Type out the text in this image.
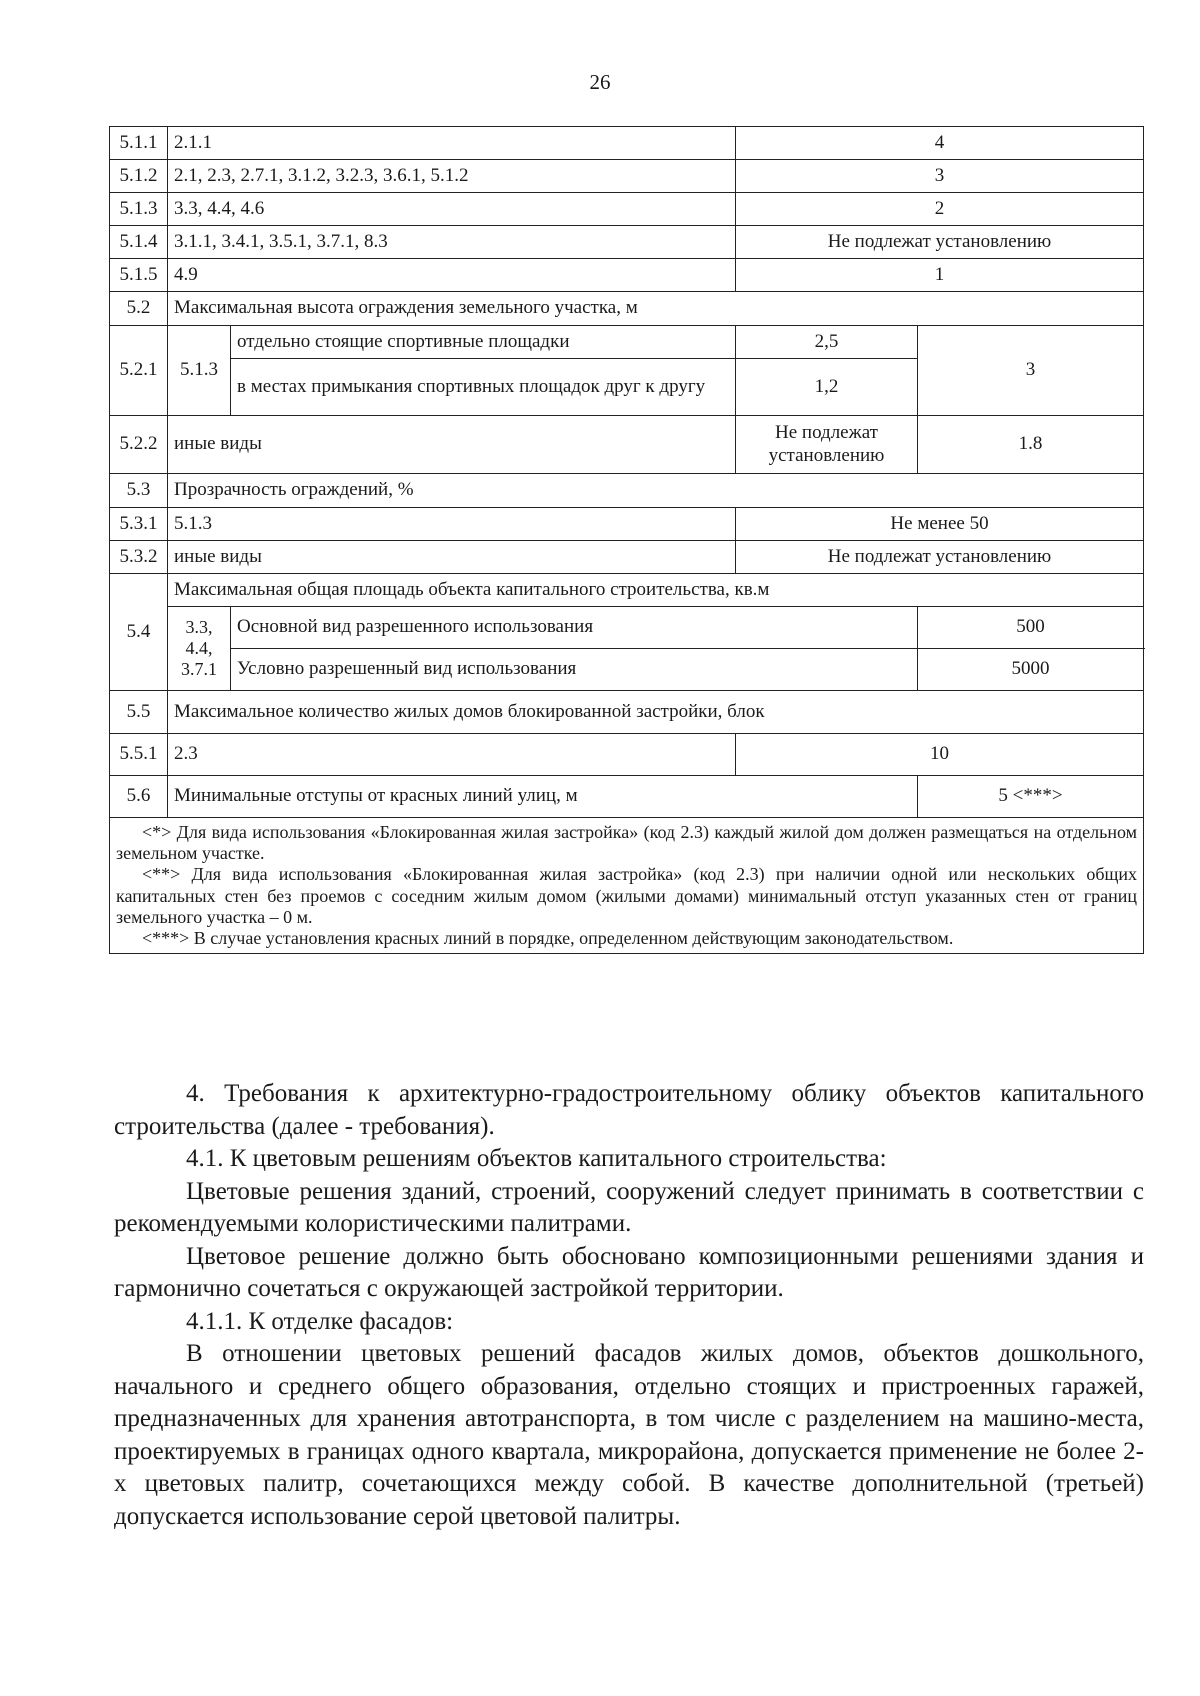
26
5.1.1	2.1.1		4	
5.1.2	2.1, 2.3, 2.7.1, 3.1.2, 3.2.3, 3.6.1, 5.1.2		3	
5.1.3	3.3, 4.4, 4.6		2	
5.1.4	3.1.1, 3.4.1, 3.5.1, 3.7.1, 8.3		Не подлежат установлению	
5.1.5	4.9		1	
5.2	Максимальная высота ограждения земельного участка, м			
5.2.1	5.1.3	отдельно стоящие спортивные площадки	2,5	3
		в местах примыкания спортивных площадок друг к другу	1,2	
5.2.2	иные виды		Не подлежат установлению	1.8
5.3	Прозрачность ограждений, %			
5.3.1	5.1.3		Не менее 50	
5.3.2	иные виды		Не подлежат установлению	
5.4	Максимальная общая площадь объекта капитального строительства, кв.м			
	3.3, 4.4, 3.7.1	Основной вид разрешенного использования		500
		Условно разрешенный вид использования		5000
5.5	Максимальное количество жилых домов блокированной застройки, блок			
5.5.1	2.3		10	
5.6	Минимальные отступы от красных линий улиц, м			5 <***>

<*> Для вида использования «Блокированная жилая застройка» (код 2.3) каждый жилой дом должен размещаться на отдельном земельном участке.

<**> Для вида использования «Блокированная жилая застройка» (код 2.3) при наличии одной или нескольких общих капитальных стен без проемов с соседним жилым домом (жилыми домами) минимальный отступ указанных стен от границ земельного участка – 0 м.

<***> В случае установления красных линий в порядке, определенном действующим законодательством.				

4. Требования к архитектурно-градостроительному облику объектов капитального строительства (далее - требования).

4.1. К цветовым решениям объектов капитального строительства:

Цветовые решения зданий, строений, сооружений следует принимать в соответствии с рекомендуемыми колористическими палитрами.

Цветовое решение должно быть обосновано композиционными решениями здания и гармонично сочетаться с окружающей застройкой территории.

4.1.1. К отделке фасадов:

В отношении цветовых решений фасадов жилых домов, объектов дошкольного, начального и среднего общего образования, отдельно стоящих и пристроенных гаражей, предназначенных для хранения автотранспорта, в том числе с разделением на машино-места, проектируемых в границах одного квартала, микрорайона, допускается применение не более 2-х цветовых палитр, сочетающихся между собой. В качестве дополнительной (третьей) допускается использование серой цветовой палитры.
